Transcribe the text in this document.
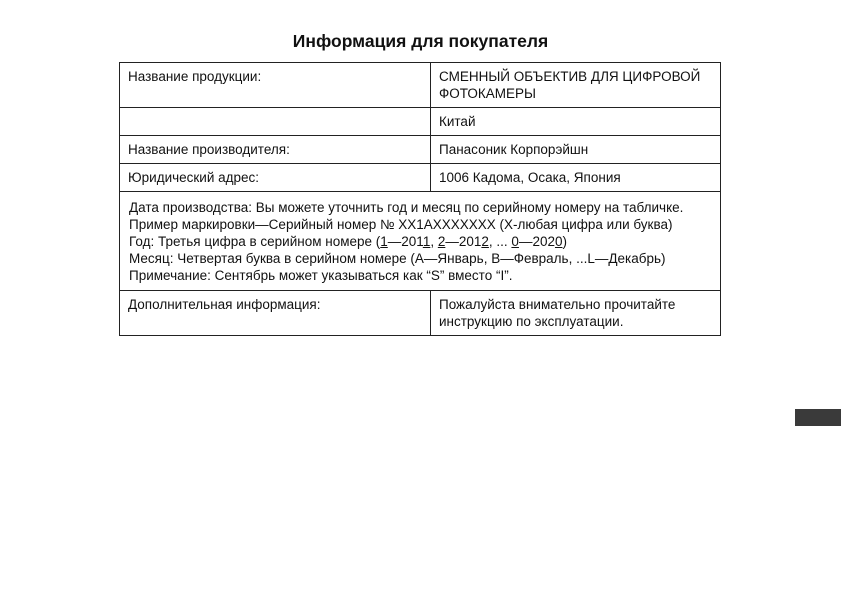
Информация для покупателя
Название продукции:	СМЕННЫЙ ОБЪЕКТИВ ДЛЯ ЦИФРОВОЙ ФОТОКАМЕРЫ
	Китай
Название производителя:	Панасоник Корпорэйшн
Юридический адрес:	1006 Кадома, Осака, Япония

Дата производства: Вы можете уточнить год и месяц по серийному номеру на табличке.
Пример маркировки—Серийный номер № XX1AXXXXXXX (X-любая цифра или буква)
Год: Третья цифра в серийном номере (1—2011, 2—2012, ... 0—2020)
Месяц: Четвертая буква в серийном номере (A—Январь, B—Февраль, ...L—Декабрь)
Примечание: Сентябрь может указываться как “S” вместо “I”.	

Дополнительная информация:	Пожалуйста внимательно прочитайте инструкцию по эксплуатации.
